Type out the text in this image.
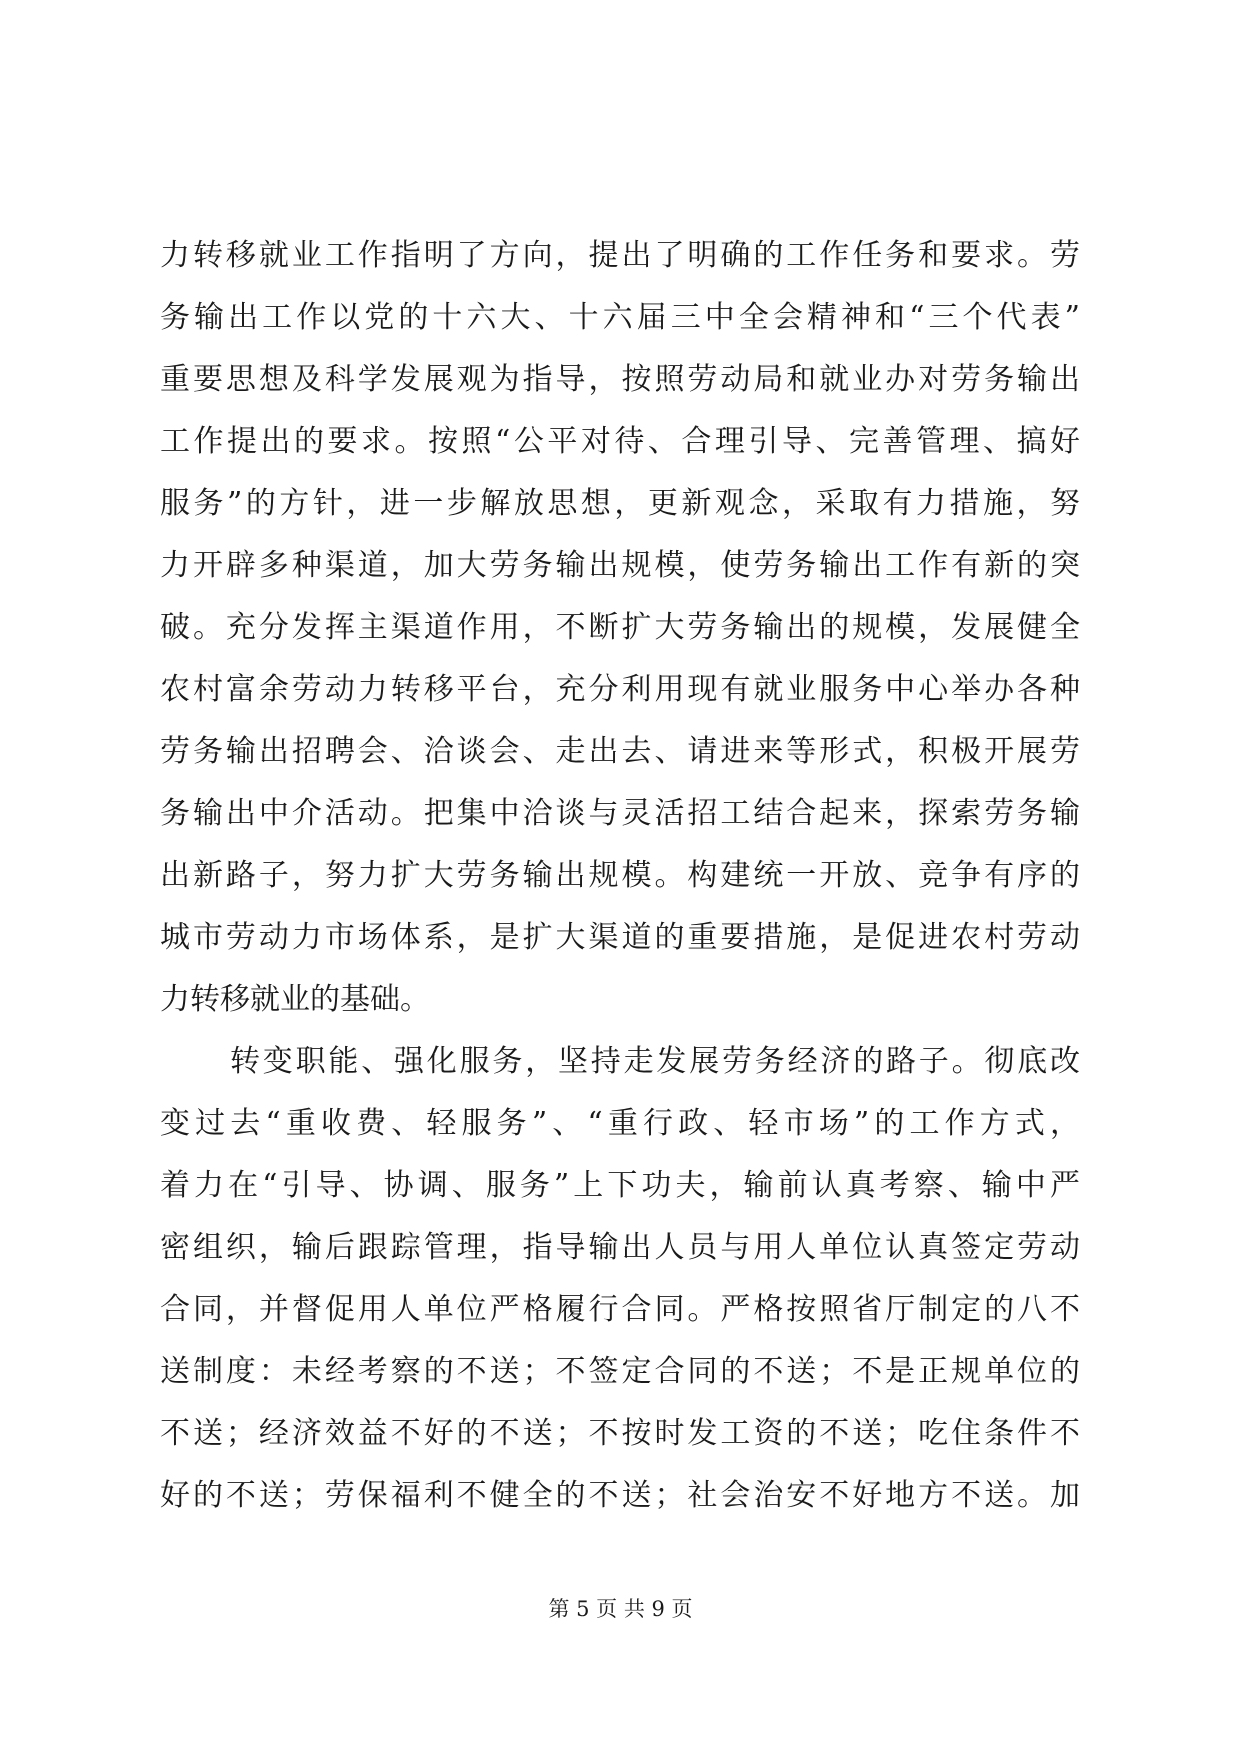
力转移就业工作指明了方向，提出了明确的工作任务和要求。劳
务输出工作以党的十六大、十六届三中全会精神和“三个代表”
重要思想及科学发展观为指导，按照劳动局和就业办对劳务输出
工作提出的要求。按照“公平对待、合理引导、完善管理、搞好
服务”的方针，进一步解放思想，更新观念，采取有力措施，努
力开辟多种渠道，加大劳务输出规模，使劳务输出工作有新的突
破。充分发挥主渠道作用，不断扩大劳务输出的规模，发展健全
农村富余劳动力转移平台，充分利用现有就业服务中心举办各种
劳务输出招聘会、洽谈会、走出去、请进来等形式，积极开展劳
务输出中介活动。把集中洽谈与灵活招工结合起来，探索劳务输
出新路子，努力扩大劳务输出规模。构建统一开放、竞争有序的
城市劳动力市场体系，是扩大渠道的重要措施，是促进农村劳动
力转移就业的基础。
转变职能、强化服务，坚持走发展劳务经济的路子。彻底改
变过去“重收费、轻服务”、“重行政、轻市场”的工作方式，
着力在“引导、协调、服务”上下功夫，输前认真考察、输中严
密组织，输后跟踪管理，指导输出人员与用人单位认真签定劳动
合同，并督促用人单位严格履行合同。严格按照省厅制定的八不
送制度：未经考察的不送；不签定合同的不送；不是正规单位的
不送；经济效益不好的不送；不按时发工资的不送；吃住条件不
好的不送；劳保福利不健全的不送；社会治安不好地方不送。加
第 5 页 共 9 页
